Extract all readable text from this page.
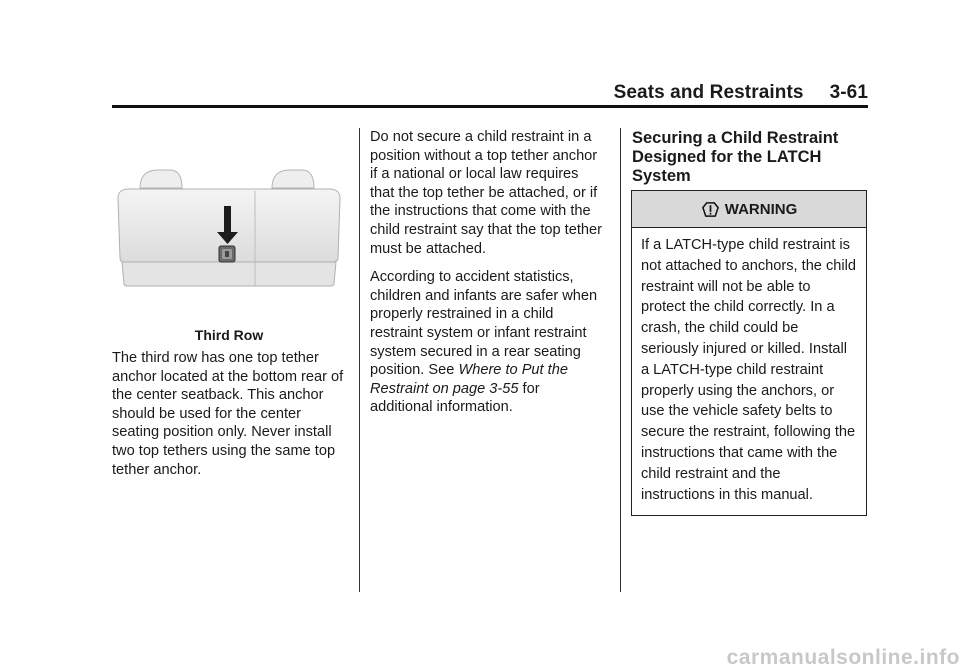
Seats and Restraints 3-61
Third Row
The third row has one top tether anchor located at the bottom rear of the center seatback. This anchor should be used for the center seating position only. Never install two top tethers using the same top tether anchor.

Do not secure a child restraint in a position without a top tether anchor if a national or local law requires that the top tether be attached, or if the instructions that come with the child restraint say that the top tether must be attached.

According to accident statistics, children and infants are safer when properly restrained in a child restraint system or infant restraint system secured in a rear seating position. See Where to Put the Restraint on page 3-55 for additional information.

Securing a Child Restraint Designed for the LATCH System
WARNING
If a LATCH-type child restraint is not attached to anchors, the child restraint will not be able to protect the child correctly. In a crash, the child could be seriously injured or killed. Install a LATCH-type child restraint properly using the anchors, or use the vehicle safety belts to secure the restraint, following the instructions that came with the child restraint and the instructions in this manual.
carmanualsonline.info
